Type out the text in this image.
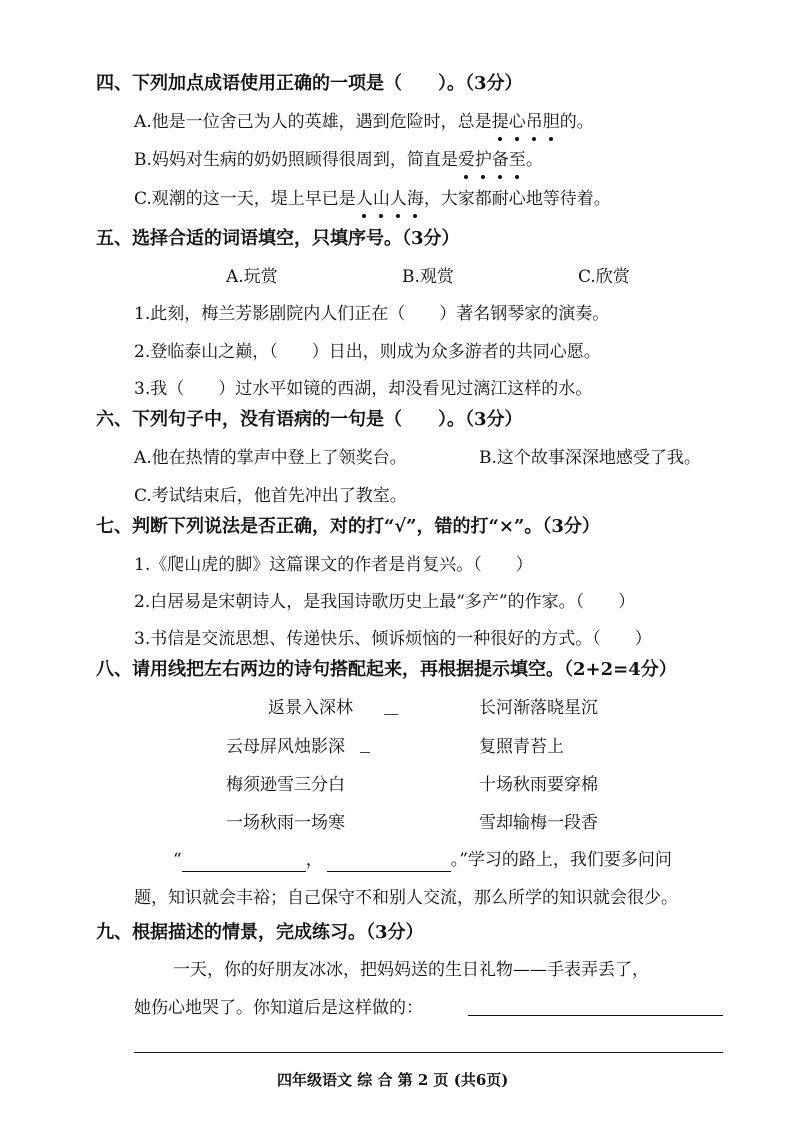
四、下列加点成语使用正确的一项是（　　）。（3分）
A.他是一位舍己为人的英雄，遇到危险时，总是提心吊胆的。
B.妈妈对生病的奶奶照顾得很周到，简直是爱护备至。
C.观潮的这一天，堤上早已是人山人海，大家都耐心地等待着。
五、选择合适的词语填空，只填序号。（3分）
A.玩赏	B.观赏	C.欣赏
1.此刻，梅兰芳影剧院内人们正在（　　）著名钢琴家的演奏。
2.登临泰山之巅，（　　）日出，则成为众多游者的共同心愿。
3.我（　　）过水平如镜的西湖，却没看见过漓江这样的水。
六、下列句子中，没有语病的一句是（　　）。（3分）
A.他在热情的掌声中登上了领奖台。	B.这个故事深深地感受了我。
C.考试结束后，他首先冲出了教室。
七、判断下列说法是否正确，对的打“√”，错的打“×”。（3分）
1.《爬山虎的脚》这篇课文的作者是肖复兴。（　　）
2.白居易是宋朝诗人，是我国诗歌历史上最“多产”的作家。（　　）
3.书信是交流思想、传递快乐、倾诉烦恼的一种很好的方式。（　　）
八、请用线把左右两边的诗句搭配起来，再根据提示填空。（2+2=4分）
返景入深林
云母屏风烛影深
梅须逊雪三分白
一场秋雨一场寒
长河渐落晓星沉
复照青苔上
十场秋雨要穿棉
雪却输梅一段香
“	，	。”学习的路上，我们要多问问
题，知识就会丰裕；自己保守不和别人交流，那么所学的知识就会很少。
九、根据描述的情景，完成练习。（3分）
一天，你的好朋友冰冰，把妈妈送的生日礼物——手表弄丢了，
她伤心地哭了。你知道后是这样做的：
四年级语文 综 合 第 2 页 (共6页)
